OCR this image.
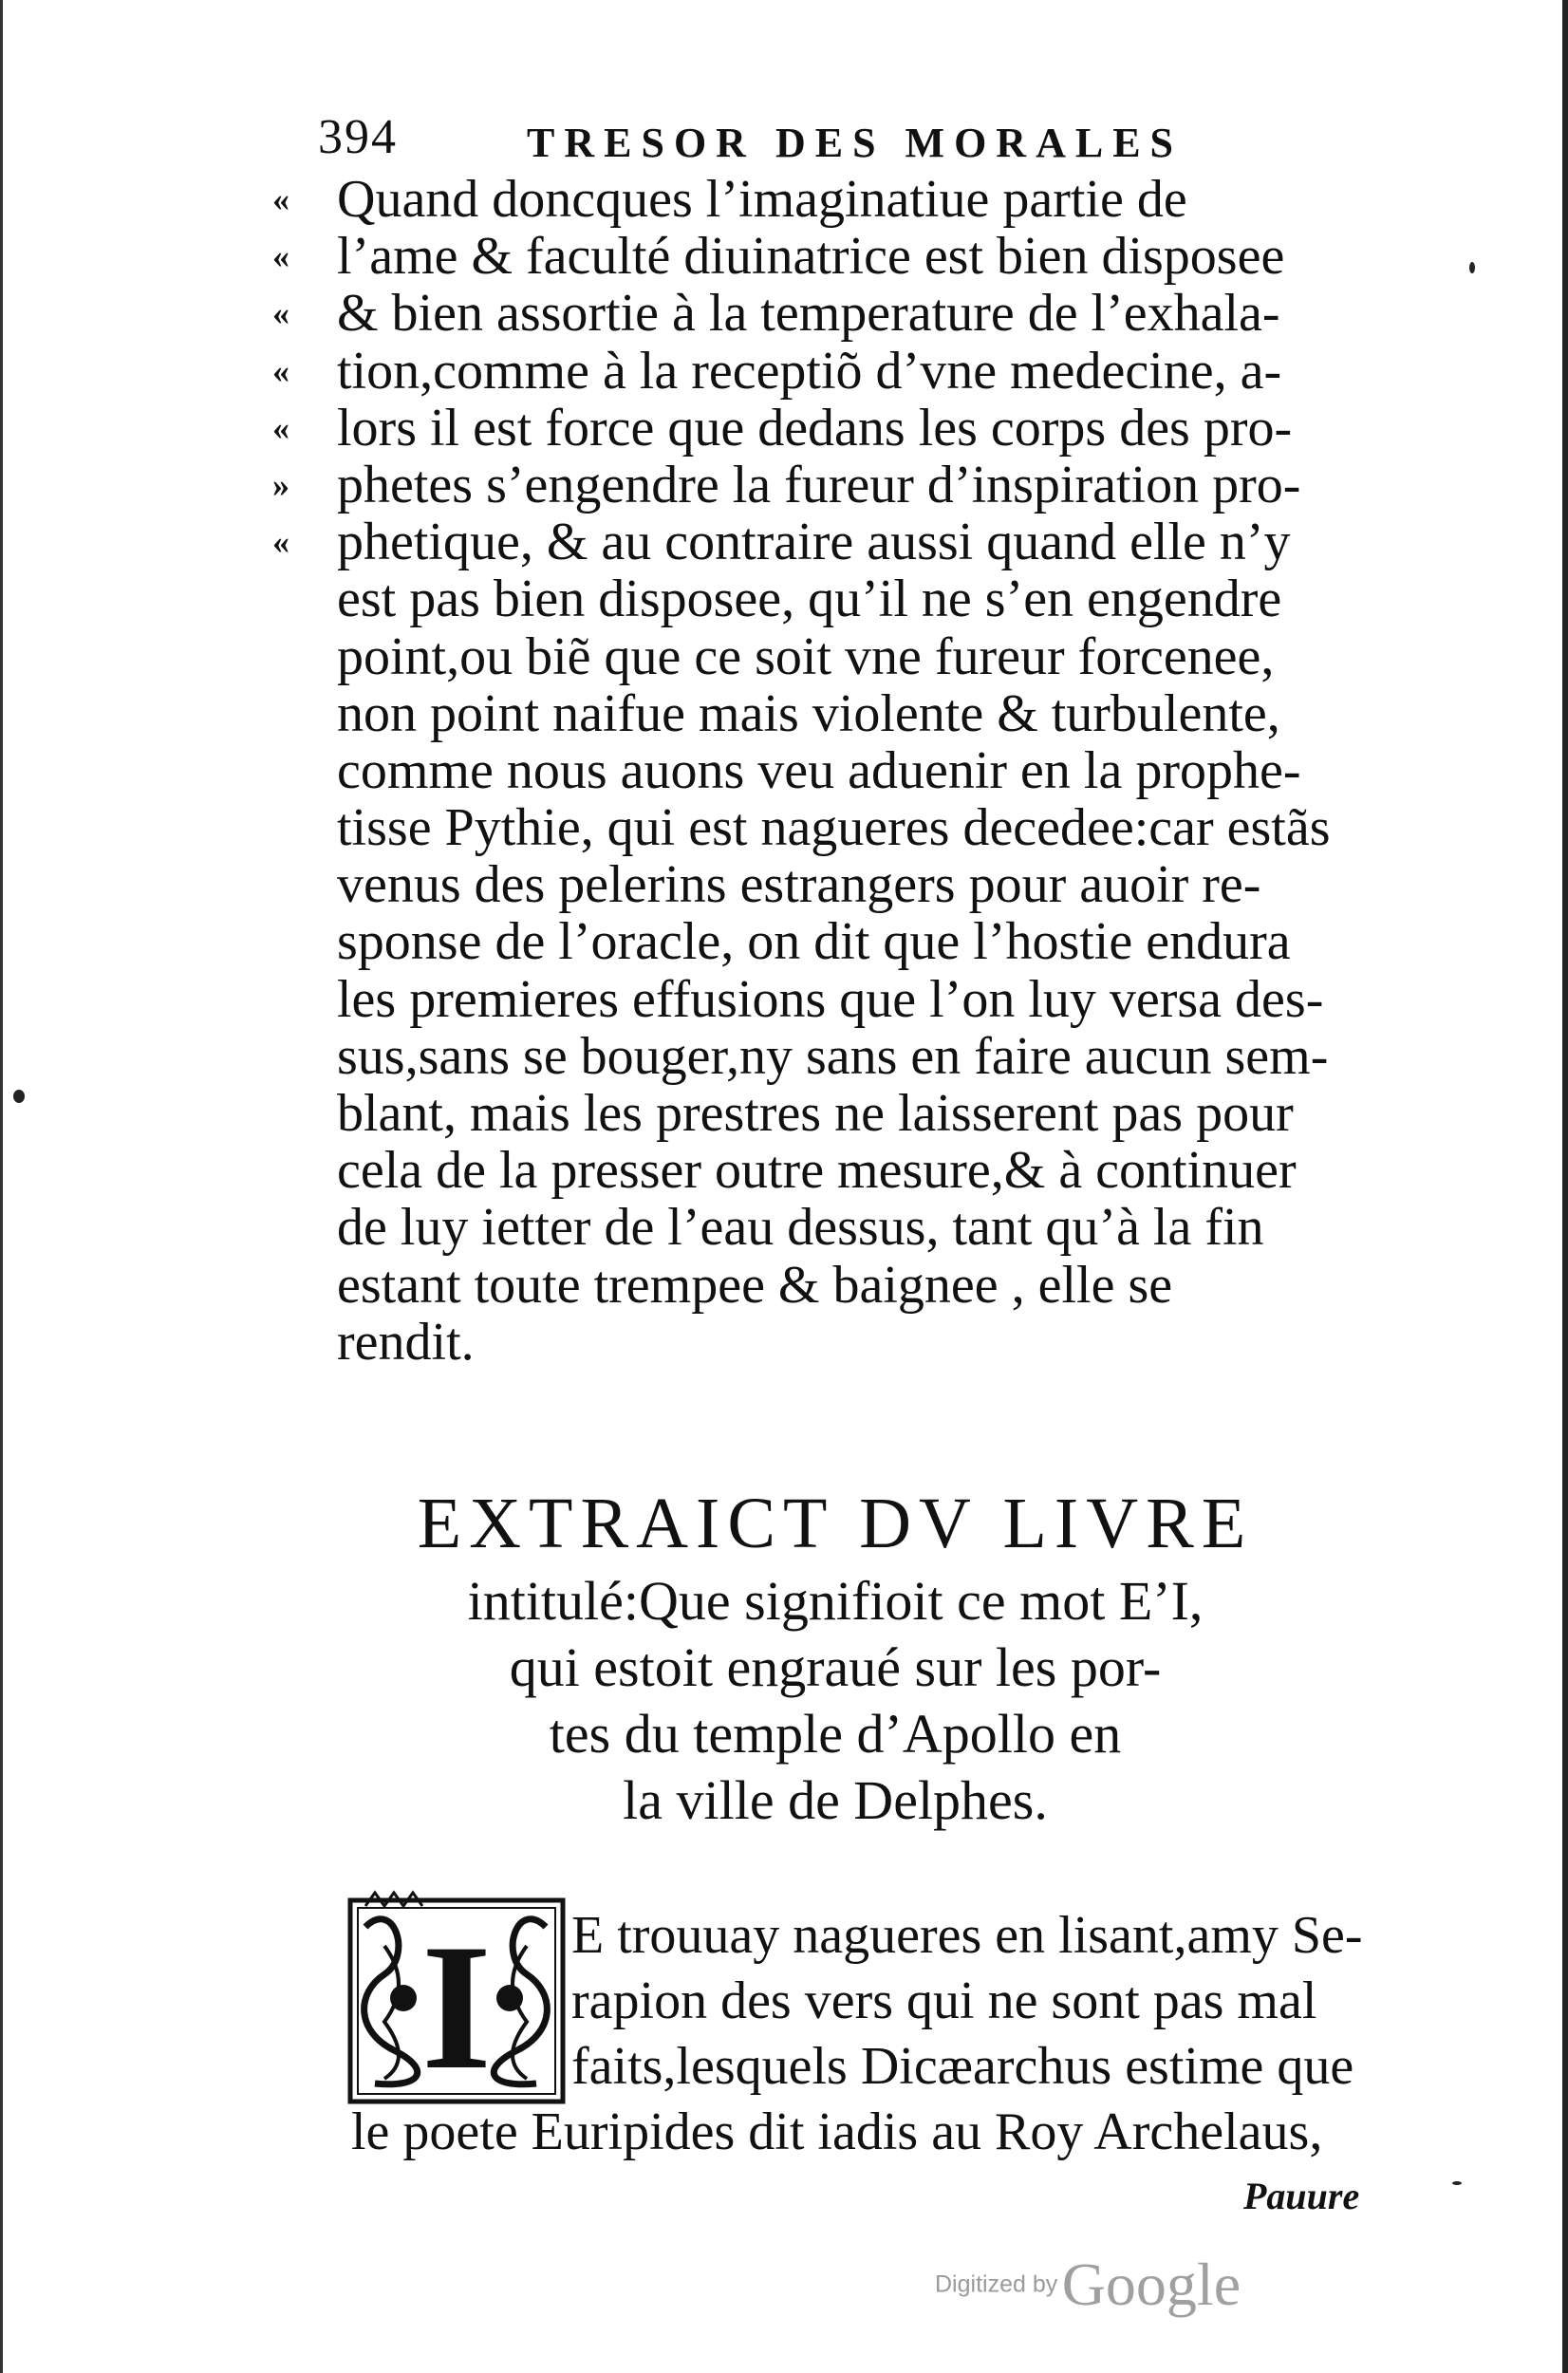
394	TRESOR DES MORALES
« Quand doncques l’imaginatiue partie de
« l’ame & faculté diuinatrice est bien disposee
« & bien assortie à la temperature de l’exhala-
« tion,comme à la receptiõ d’vne medecine, a-
« lors il est force que dedans les corps des pro-
» phetes s’engendre la fureur d’inspiration pro-
« phetique, & au contraire aussi quand elle n’y
est pas bien disposee, qu’il ne s’en engendre
point,ou biẽ que ce soit vne fureur forcenee,
non point naifue mais violente & turbulente,
comme nous auons veu aduenir en la prophe-
tisse Pythie, qui est nagueres decedee:car estãs
venus des pelerins estrangers pour auoir re-
sponse de l’oracle, on dit que l’hostie endura
les premieres effusions que l’on luy versa des-
sus,sans se bouger,ny sans en faire aucun sem-
blant, mais les prestres ne laisserent pas pour
cela de la presser outre mesure,& à continuer
de luy ietter de l’eau dessus, tant qu’à la fin
estant toute trempee & baignee , elle se
rendit.
EXTRAICT DV LIVRE
intitulé:Que signifioit ce mot E’I,
qui estoit engraué sur les por-
tes du temple d’Apollo en
la ville de Delphes.
I	E trouuay nagueres en lisant,amy Se-
rapion des vers qui ne sont pas mal
faits,lesquels Dicæarchus estime que
le poete Euripides dit iadis au Roy Archelaus,
Pauure
Digitized by Google
